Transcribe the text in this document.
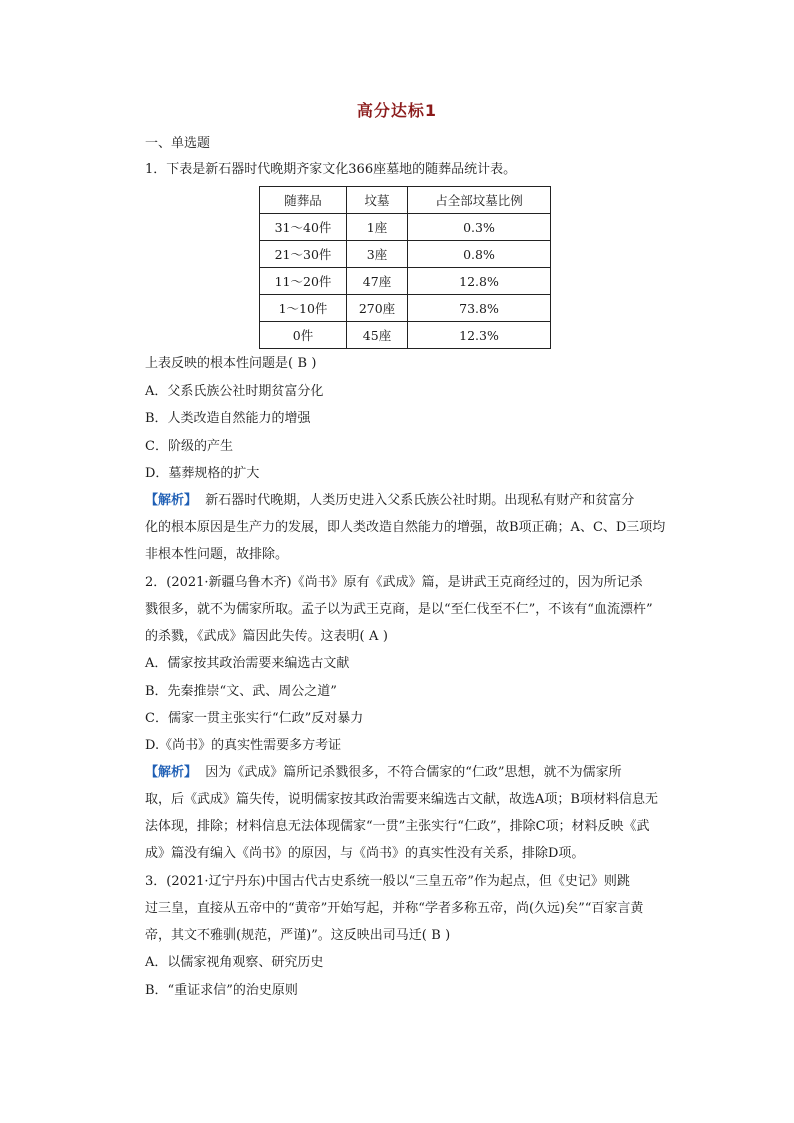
高分达标1
一、单选题
1．下表是新石器时代晚期齐家文化366座墓地的随葬品统计表。
随葬品	坟墓	占全部坟墓比例
31～40件	1座	0.3%
21～30件	3座	0.8%
11～20件	47座	12.8%
1～10件	270座	73.8%
0件	45座	12.3%
上表反映的根本性问题是( B )
A．父系氏族公社时期贫富分化
B．人类改造自然能力的增强
C．阶级的产生
D．墓葬规格的扩大
【解析】 新石器时代晚期，人类历史进入父系氏族公社时期。出现私有财产和贫富分
化的根本原因是生产力的发展，即人类改造自然能力的增强，故B项正确；A、C、D三项均
非根本性问题，故排除。
2．(2021·新疆乌鲁木齐)《尚书》原有《武成》篇，是讲武王克商经过的，因为所记杀
戮很多，就不为儒家所取。孟子以为武王克商，是以“至仁伐至不仁”，不该有“血流漂杵”
的杀戮，《武成》篇因此失传。这表明( A )
A．儒家按其政治需要来编选古文献
B．先秦推崇“文、武、周公之道”
C．儒家一贯主张实行“仁政”反对暴力
D.《尚书》的真实性需要多方考证
【解析】 因为《武成》篇所记杀戮很多，不符合儒家的“仁政”思想，就不为儒家所
取，后《武成》篇失传，说明儒家按其政治需要来编选古文献，故选A项；B项材料信息无
法体现，排除；材料信息无法体现儒家“一贯”主张实行“仁政”，排除C项；材料反映《武
成》篇没有编入《尚书》的原因，与《尚书》的真实性没有关系，排除D项。
3．(2021·辽宁丹东)中国古代古史系统一般以“三皇五帝”作为起点，但《史记》则跳
过三皇，直接从五帝中的“黄帝”开始写起，并称“学者多称五帝，尚(久远)矣”“百家言黄
帝，其文不雅驯(规范，严谨)”。这反映出司马迁( B )
A．以儒家视角观察、研究历史
B．“重证求信”的治史原则
